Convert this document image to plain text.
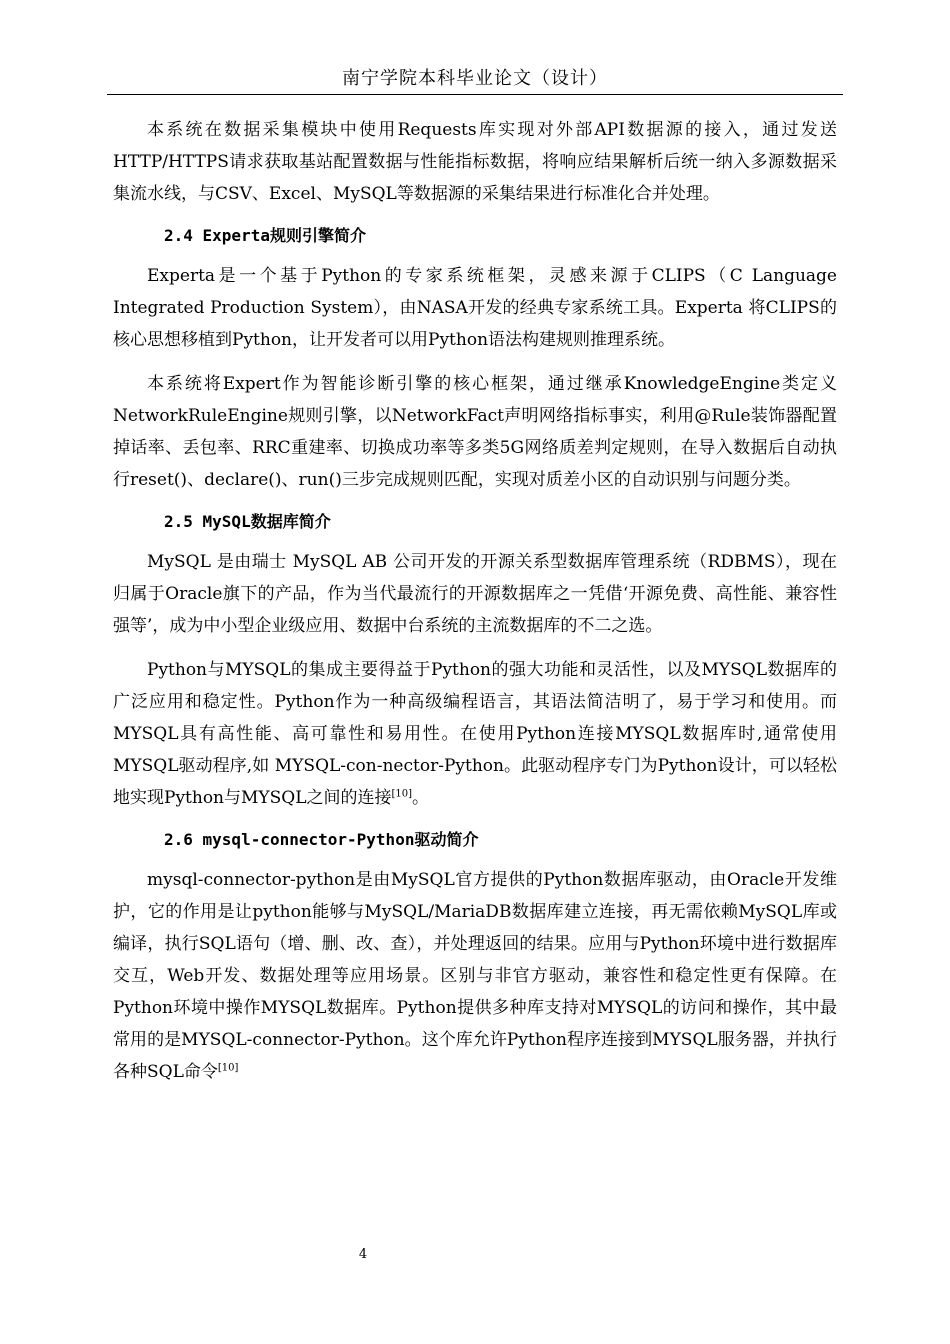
南宁学院本科毕业论文（设计）

本系统在数据采集模块中使用Requests库实现对外部API数据源的接入，通过发送HTTP/HTTPS请求获取基站配置数据与性能指标数据，将响应结果解析后统一纳入多源数据采集流水线，与CSV、Excel、MySQL等数据源的采集结果进行标准化合并处理。

2.4 Experta规则引擎简介

Experta是一个基于Python的专家系统框架，灵感来源于CLIPS（C Language Integrated Production System），由NASA开发的经典专家系统工具。Experta 将CLIPS的核心思想移植到Python，让开发者可以用Python语法构建规则推理系统。

本系统将Expert作为智能诊断引擎的核心框架，通过继承KnowledgeEngine类定义NetworkRuleEngine规则引擎，以NetworkFact声明网络指标事实，利用@Rule装饰器配置掉话率、丢包率、RRC重建率、切换成功率等多类5G网络质差判定规则，在导入数据后自动执行reset()、declare()、run()三步完成规则匹配，实现对质差小区的自动识别与问题分类。

2.5 MySQL数据库简介

MySQL 是由瑞士 MySQL AB 公司开发的开源关系型数据库管理系统（RDBMS），现在归属于Oracle旗下的产品，作为当代最流行的开源数据库之一凭借‘开源免费、高性能、兼容性强等’，成为中小型企业级应用、数据中台系统的主流数据库的不二之选。

Python与MYSQL的集成主要得益于Python的强大功能和灵活性，以及MYSQL数据库的广泛应用和稳定性。Python作为一种高级编程语言，其语法简洁明了，易于学习和使用。而MYSQL具有高性能、高可靠性和易用性。在使用Python连接MYSQL数据库时,通常使用MYSQL驱动程序,如 MYSQL-con-nector-Python。此驱动程序专门为Python设计，可以轻松地实现Python与MYSQL之间的连接[10]。

2.6 mysql-connector-Python驱动简介

mysql-connector-python是由MySQL官方提供的Python数据库驱动，由Oracle开发维护，它的作用是让python能够与MySQL/MariaDB数据库建立连接，再无需依赖MySQL库或编译，执行SQL语句（增、删、改、查），并处理返回的结果。应用与Python环境中进行数据库交互，Web开发、数据处理等应用场景。区别与非官方驱动，兼容性和稳定性更有保障。在Python环境中操作MYSQL数据库。Python提供多种库支持对MYSQL的访问和操作，其中最常用的是MYSQL-connector-Python。这个库允许Python程序连接到MYSQL服务器，并执行各种SQL命令[10]

4
